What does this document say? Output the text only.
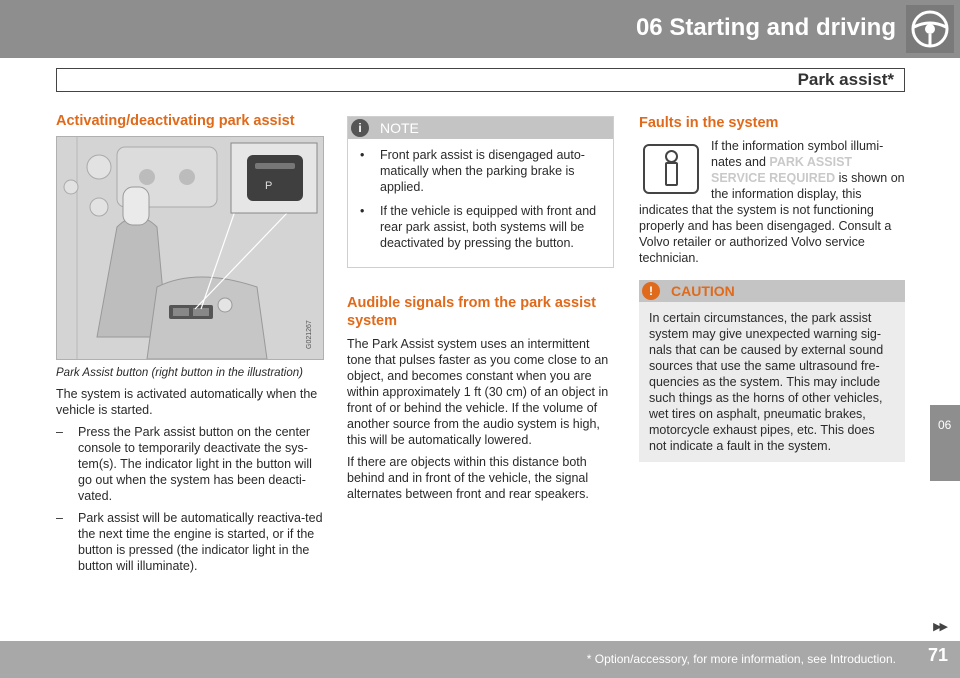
06 Starting and driving
Park assist*
Activating/deactivating park assist
P
G021267
Park Assist button (right button in the illustration)
The system is activated automatically when the vehicle is started.
– Press the Park assist button on the center console to temporarily deactivate the sys-tem(s). The indicator light in the button will go out when the system has been deacti-vated.
– Park assist will be automatically reactiva-ted the next time the engine is started, or if the button is pressed (the indicator light in the button will illuminate).
i	NOTE
• Front park assist is disengaged auto-matically when the parking brake is applied.
• If the vehicle is equipped with front and rear park assist, both systems will be deactivated by pressing the button.
Audible signals from the park assist system
The Park Assist system uses an intermittent tone that pulses faster as you come close to an object, and becomes constant when you are within approximately 1 ft (30 cm) of an object in front of or behind the vehicle. If the volume of another source from the audio system is high, this will be automatically lowered.
If there are objects within this distance both behind and in front of the vehicle, the signal alternates between front and rear speakers.
Faults in the system
If the information symbol illumi-nates and PARK ASSIST SERVICE REQUIRED is shown on the information display, this indicates that the system is not functioning properly and has been disengaged. Consult a Volvo retailer or authorized Volvo service technician.
!	CAUTION
In certain circumstances, the park assist system may give unexpected warning sig-nals that can be caused by external sound sources that use the same ultrasound fre-quencies as the system. This may include such things as the horns of other vehicles, wet tires on asphalt, pneumatic brakes, motorcycle exhaust pipes, etc. This does not indicate a fault in the system.
06
▶▶
* Option/accessory, for more information, see Introduction. 71
